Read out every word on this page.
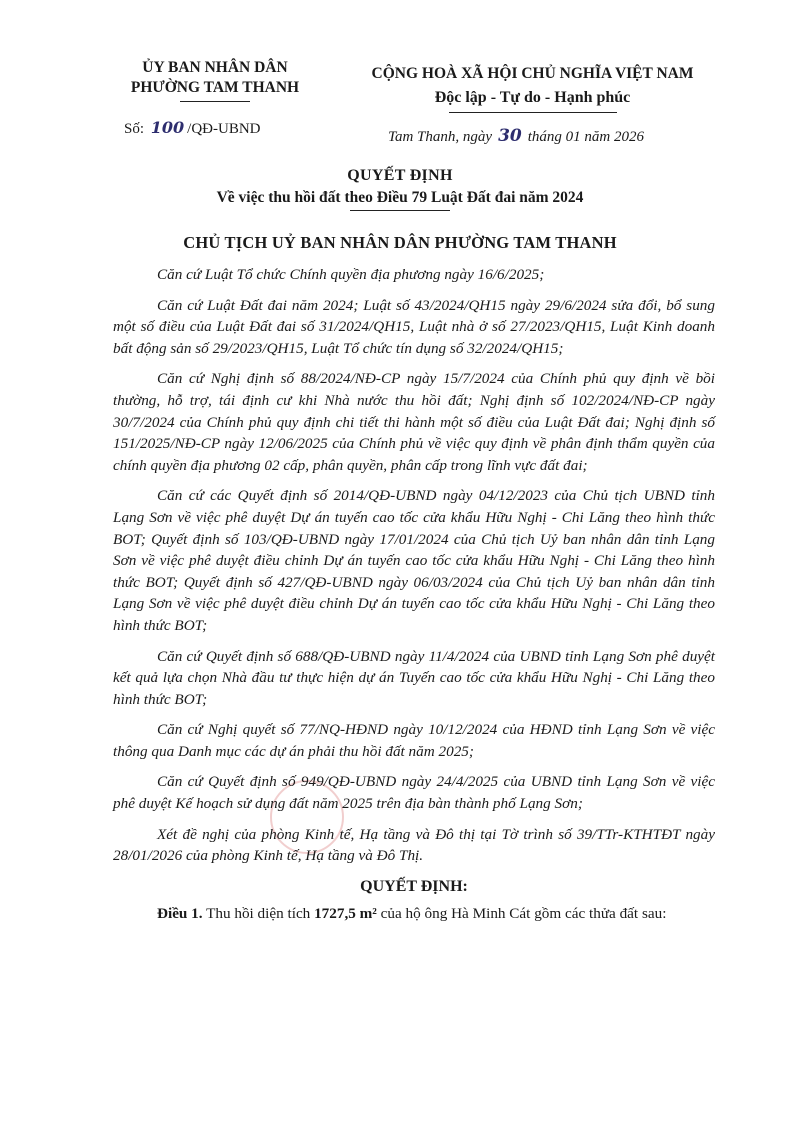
ỦY BAN NHÂN DÂN
PHƯỜNG TAM THANH
CỘNG HOÀ XÃ HỘI CHỦ NGHĨA VIỆT NAM
Độc lập - Tự do - Hạnh phúc
Số: 100 /QĐ-UBND	Tam Thanh, ngày 30 tháng 01 năm 2026
QUYẾT ĐỊNH
Về việc thu hồi đất theo Điều 79 Luật Đất đai năm 2024
CHỦ TỊCH UỶ BAN NHÂN DÂN PHƯỜNG TAM THANH

Căn cứ Luật Tổ chức Chính quyền địa phương ngày 16/6/2025;

Căn cứ Luật Đất đai năm 2024; Luật số 43/2024/QH15 ngày 29/6/2024 sửa đổi, bổ sung một số điều của Luật Đất đai số 31/2024/QH15, Luật nhà ở số 27/2023/QH15, Luật Kinh doanh bất động sản số 29/2023/QH15, Luật Tổ chức tín dụng số 32/2024/QH15;

Căn cứ Nghị định số 88/2024/NĐ-CP ngày 15/7/2024 của Chính phủ quy định về bồi thường, hỗ trợ, tái định cư khi Nhà nước thu hồi đất; Nghị định số 102/2024/NĐ-CP ngày 30/7/2024 của Chính phủ quy định chi tiết thi hành một số điều của Luật Đất đai; Nghị định số 151/2025/NĐ-CP ngày 12/06/2025 của Chính phủ về việc quy định về phân định thẩm quyền của chính quyền địa phương 02 cấp, phân quyền, phân cấp trong lĩnh vực đất đai;

Căn cứ các Quyết định số 2014/QĐ-UBND ngày 04/12/2023 của Chủ tịch UBND tỉnh Lạng Sơn về việc phê duyệt Dự án tuyến cao tốc cửa khẩu Hữu Nghị - Chi Lăng theo hình thức BOT; Quyết định số 103/QĐ-UBND ngày 17/01/2024 của Chủ tịch Uỷ ban nhân dân tỉnh Lạng Sơn về việc phê duyệt điều chỉnh Dự án tuyến cao tốc cửa khẩu Hữu Nghị - Chi Lăng theo hình thức BOT; Quyết định số 427/QĐ-UBND ngày 06/03/2024 của Chủ tịch Uỷ ban nhân dân tỉnh Lạng Sơn về việc phê duyệt điều chỉnh Dự án tuyến cao tốc cửa khẩu Hữu Nghị - Chi Lăng theo hình thức BOT;

Căn cứ Quyết định số 688/QĐ-UBND ngày 11/4/2024 của UBND tỉnh Lạng Sơn phê duyệt kết quả lựa chọn Nhà đầu tư thực hiện dự án Tuyến cao tốc cửa khẩu Hữu Nghị - Chi Lăng theo hình thức BOT;

Căn cứ Nghị quyết số 77/NQ-HĐND ngày 10/12/2024 của HĐND tỉnh Lạng Sơn về việc thông qua Danh mục các dự án phải thu hồi đất năm 2025;

Căn cứ Quyết định số 949/QĐ-UBND ngày 24/4/2025 của UBND tỉnh Lạng Sơn về việc phê duyệt Kế hoạch sử dụng đất năm 2025 trên địa bàn thành phố Lạng Sơn;

Xét đề nghị của phòng Kinh tế, Hạ tầng và Đô thị tại Tờ trình số 39/TTr-KTHTĐT ngày 28/01/2026 của phòng Kinh tế, Hạ tầng và Đô Thị.

QUYẾT ĐỊNH:

Điều 1. Thu hồi diện tích 1727,5 m² của hộ ông Hà Minh Cát gồm các thửa đất sau:
